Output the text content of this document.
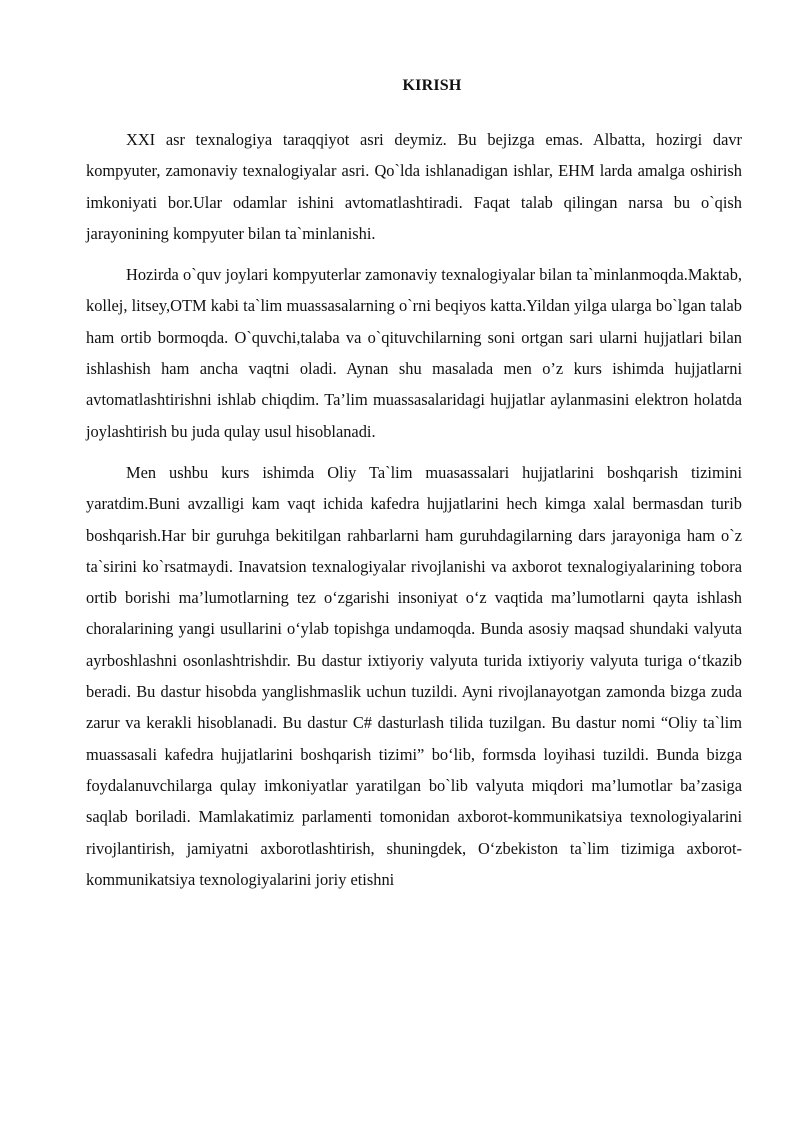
KIRISH

XXI asr texnalogiya taraqqiyot asri deymiz. Bu bejizga emas. Albatta, hozirgi davr kompyuter, zamonaviy texnalogiyalar asri. Qo`lda ishlanadigan ishlar, EHM larda amalga oshirish imkoniyati bor.Ular odamlar ishini avtomatlashtiradi. Faqat talab qilingan narsa bu o`qish jarayonining kompyuter bilan ta`minlanishi.

Hozirda o`quv joylari kompyuterlar zamonaviy texnalogiyalar bilan ta`minlanmoqda.Maktab, kollej, litsey,OTM kabi ta`lim muassasalarning o`rni beqiyos katta.Yildan yilga ularga bo`lgan talab ham ortib bormoqda. O`quvchi,talaba va o`qituvchilarning soni ortgan sari ularni hujjatlari bilan ishlashish ham ancha vaqtni oladi. Aynan shu masalada men o’z kurs ishimda hujjatlarni avtomatlashtirishni ishlab chiqdim. Ta’lim muassasalaridagi hujjatlar aylanmasini elektron holatda joylashtirish bu juda qulay usul hisoblanadi.

Men ushbu kurs ishimda Oliy Ta`lim muasassalari hujjatlarini boshqarish tizimini yaratdim.Buni avzalligi kam vaqt ichida kafedra hujjatlarini hech kimga xalal bermasdan turib boshqarish.Har bir guruhga bekitilgan rahbarlarni ham guruhdagilarning dars jarayoniga ham o`z ta`sirini ko`rsatmaydi. Inavatsion texnalogiyalar rivojlanishi va axborot texnalogiyalarining tobora ortib borishi ma’lumotlarning tez o‘zgarishi insoniyat o‘z vaqtida ma’lumotlarni qayta ishlash choralarining yangi usullarini o‘ylab topishga undamoqda. Bunda asosiy maqsad shundaki valyuta ayrboshlashni osonlashtrishdir. Bu dastur ixtiyoriy valyuta turida ixtiyoriy valyuta turiga o‘tkazib beradi. Bu dastur hisobda yanglishmaslik uchun tuzildi. Ayni rivojlanayotgan zamonda bizga zuda zarur va kerakli hisoblanadi. Bu dastur C# dasturlash tilida tuzilgan. Bu dastur nomi “Oliy ta`lim muassasali kafedra hujjatlarini boshqarish tizimi” bo‘lib, formsda loyihasi tuzildi. Bunda bizga foydalanuvchilarga qulay imkoniyatlar yaratilgan bo`lib valyuta miqdori ma’lumotlar ba’zasiga saqlab boriladi. Mamlakatimiz parlamenti tomonidan axborot-kommunikatsiya texnologiyalarini rivojlantirish, jamiyatni axborotlashtirish, shuningdek, O‘zbekiston ta`lim tizimiga axborot-kommunikatsiya texnologiyalarini joriy etishni
